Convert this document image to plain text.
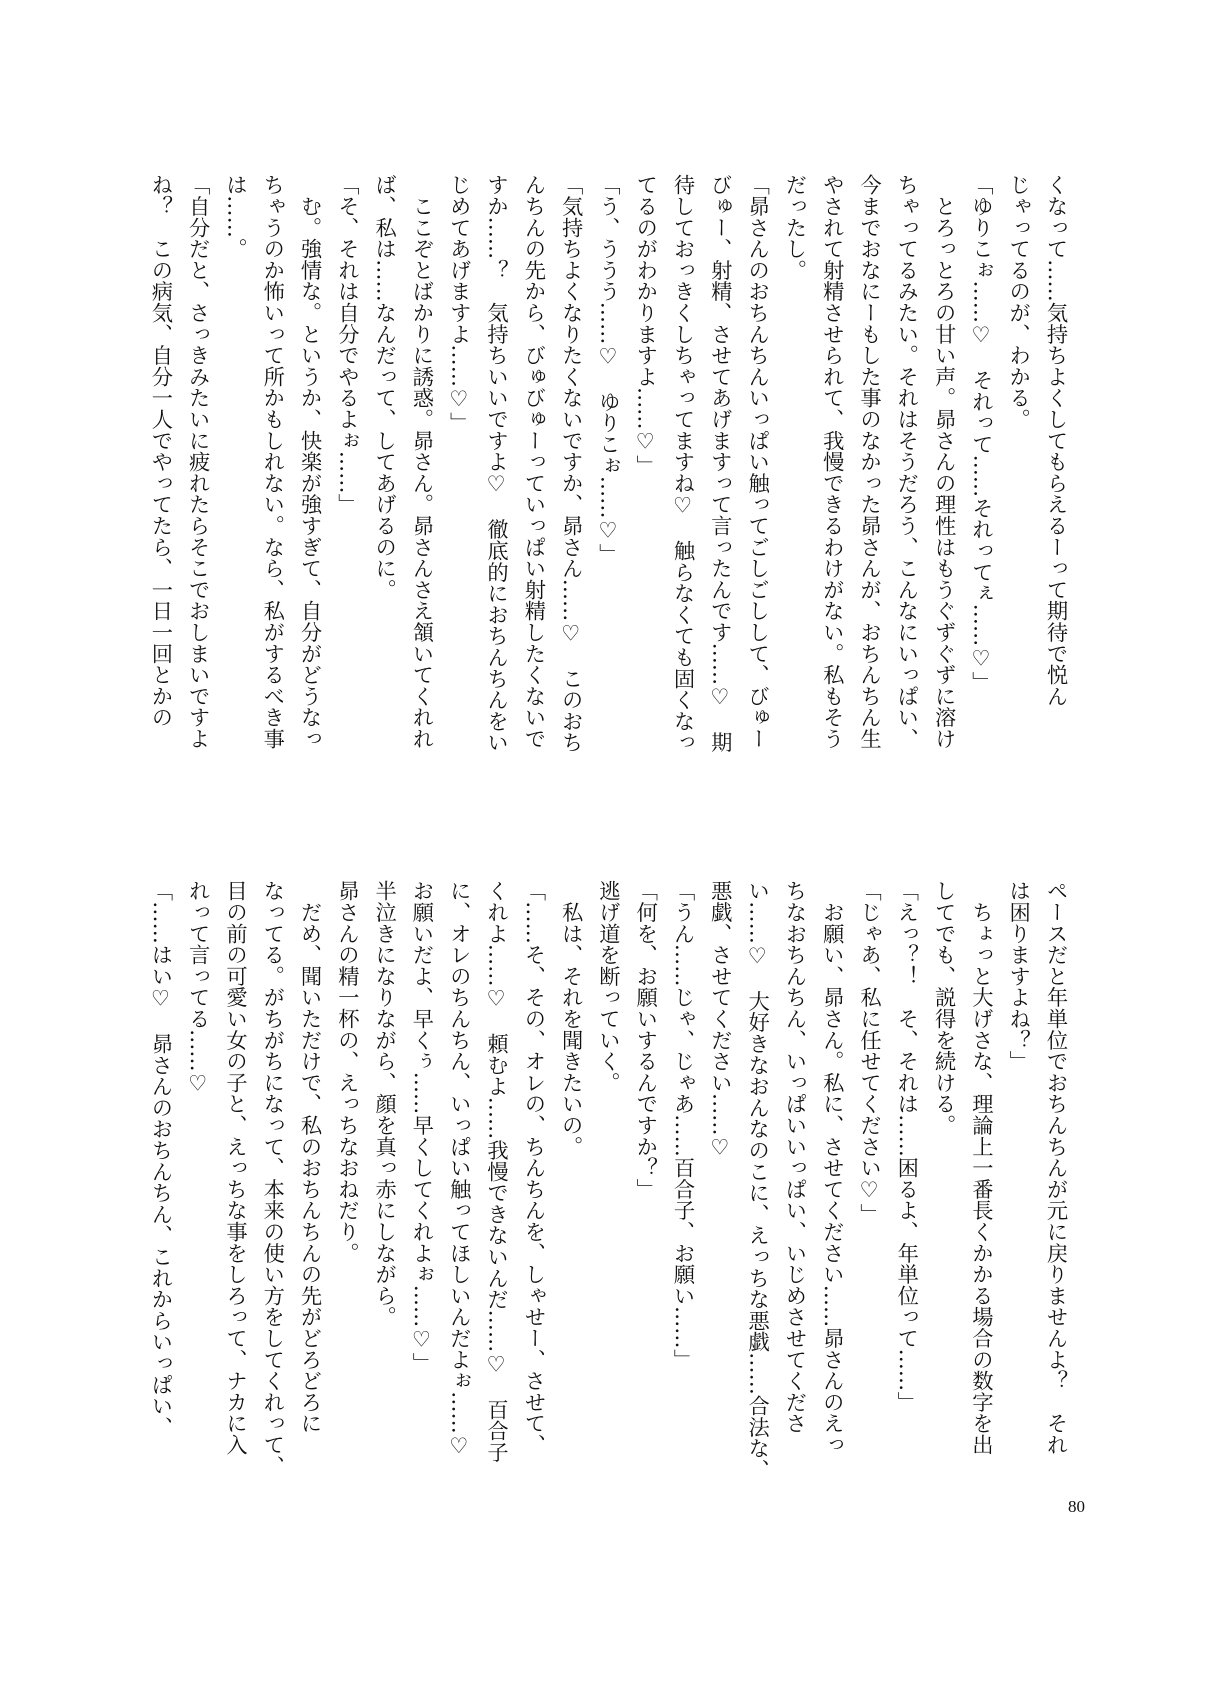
くなって……気持ちよくしてもらえるーって期待で悦ん

じゃってるのが、わかる。

「ゆりこぉ……♡　それって……それってぇ……♡」

　とろっとろの甘い声。昴さんの理性はもうぐずぐずに溶け

ちゃってるみたい。それはそうだろう、こんなにいっぱい、

今までおなにーもした事のなかった昴さんが、おちんちん生

やされて射精させられて、我慢できるわけがない。私もそう

だったし。

「昴さんのおちんちんいっぱい触ってごしごしして、びゅー

びゅー、射精、させてあげますって言ったんです……♡　期

待しておっきくしちゃってますね♡　触らなくても固くなっ

てるのがわかりますよ……♡」

「う、ううう……♡　ゆりこぉ……♡」

「気持ちよくなりたくないですか、昴さん……♡　このおち

んちんの先から、びゅびゅーっていっぱい射精したくないで

すか……？　気持ちいいですよ♡　徹底的におちんちんをい

じめてあげますよ……♡」

　ここぞとばかりに誘惑。昴さん。昴さんさえ頷いてくれれ

ば、私は……なんだって、してあげるのに。

「そ、それは自分でやるよぉ……」

　む。強情な。というか、快楽が強すぎて、自分がどうなっ

ちゃうのか怖いって所かもしれない。なら、私がするべき事

は……。

「自分だと、さっきみたいに疲れたらそこでおしまいですよ

ね？　この病気、自分一人でやってたら、一日一回とかの

ペースだと年単位でおちんちんが元に戻りませんよ？　それ

は困りますよね？」

　ちょっと大げさな、理論上一番長くかかる場合の数字を出

してでも、説得を続ける。

「えっ？！　そ、それは……困るよ、年単位って……」

「じゃあ、私に任せてください♡」

　お願い、昴さん。私に、させてください……昴さんのえっ

ちなおちんちん、いっぱいいっぱい、いじめさせてくださ

い……♡　大好きなおんなのこに、えっちな悪戯……合法な、

悪戯、させてください……♡

「うん……じゃ、じゃあ……百合子、お願い……」

「何を、お願いするんですか？」

逃げ道を断っていく。

　私は、それを聞きたいの。

「……そ、その、オレの、ちんちんを、しゃせー、させて、

くれよ……♡　頼むよ……我慢できないんだ……♡　百合子

に、オレのちんちん、いっぱい触ってほしいんだよぉ……♡

お願いだよ、早くぅ……早くしてくれよぉ……♡」

半泣きになりながら、顔を真っ赤にしながら。

昴さんの精一杯の、えっちなおねだり。

　だめ、聞いただけで、私のおちんちんの先がどろどろに

なってる。がちがちになって、本来の使い方をしてくれって、

目の前の可愛い女の子と、えっちな事をしろって、ナカに入

れって言ってる……♡

「……はい♡　昴さんのおちんちん、これからいっぱい、

80
